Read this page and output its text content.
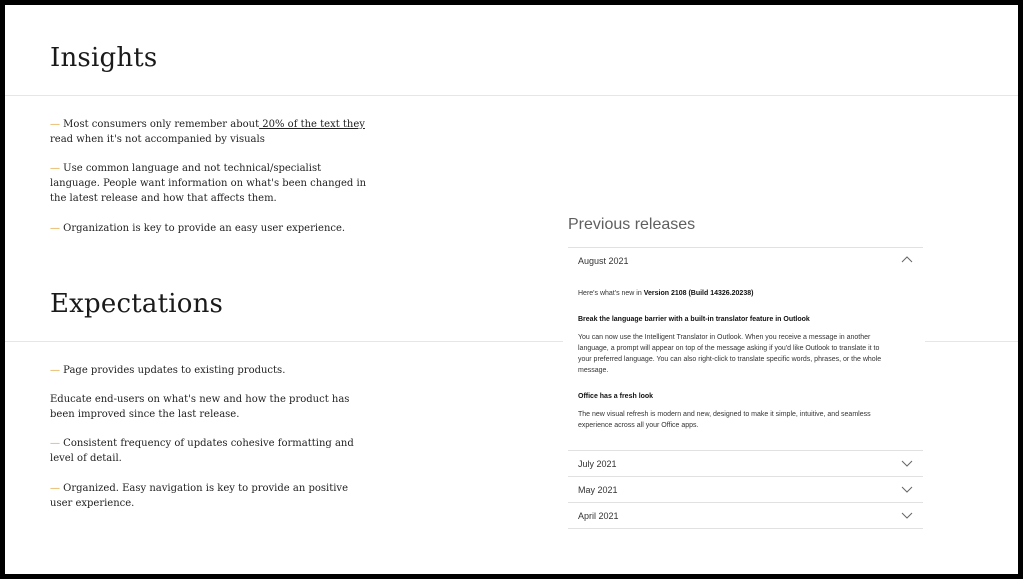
Insights

— Most consumers only remember about 20% of the text they
read when it's not accompanied by visuals

— Use common language and not technical/specialist language. People want information on what's been changed in the latest release and how that affects them.

— Organization is key to provide an easy user experience.

Expectations

— Page provides updates to existing products.

Educate end-users on what's new and how the product has been improved since the last release.

— Consistent frequency of updates cohesive formatting and level of detail.

— Organized. Easy navigation is key to provide an positive user experience.

Previous releases
August 2021
Here's what's new in Version 2108 (Build 14326.20238)
Break the language barrier with a built-in translator feature in Outlook
You can now use the Intelligent Translator in Outlook. When you receive a message in another language, a prompt will appear on top of the message asking if you'd like Outlook to translate it to your preferred language. You can also right-click to translate specific words, phrases, or the whole message.
Office has a fresh look
The new visual refresh is modern and new, designed to make it simple, intuitive, and seamless experience across all your Office apps.
July 2021
May 2021
April 2021
